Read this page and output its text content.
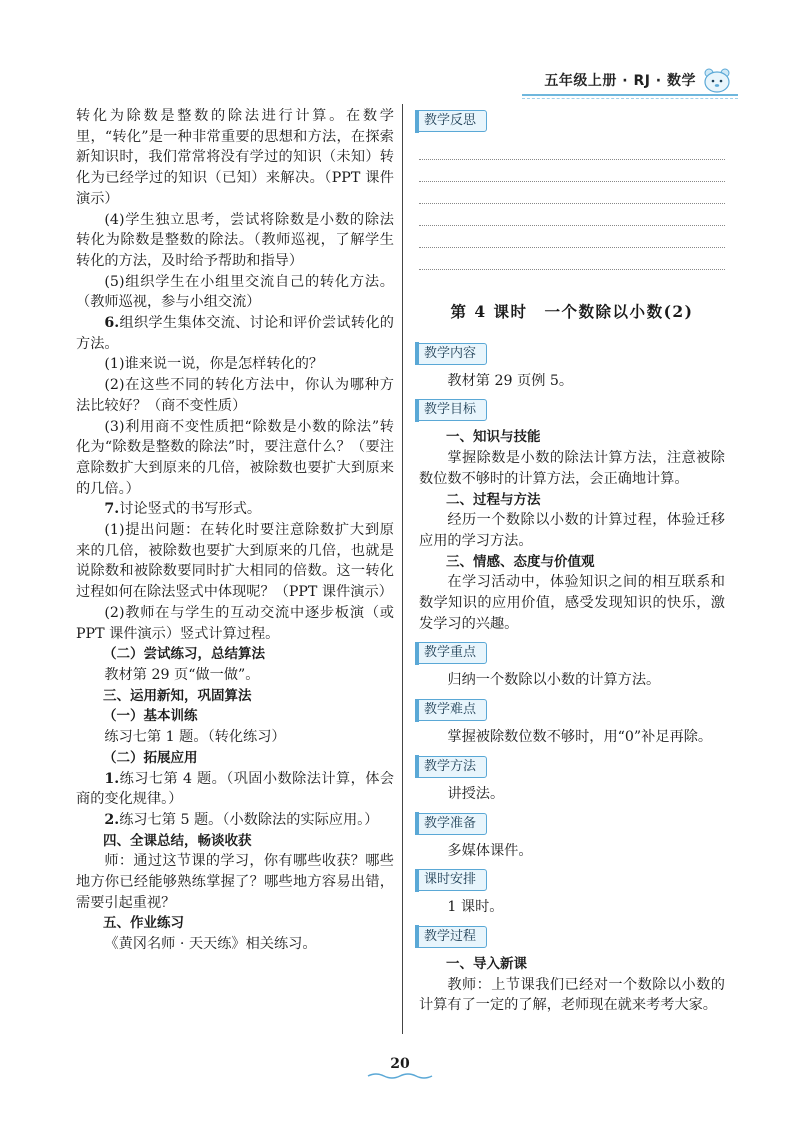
五年级上册 · RJ · 数学

转化为除数是整数的除法进行计算。在数学里，“转化”是一种非常重要的思想和方法，在探索新知识时，我们常常将没有学过的知识（未知）转化为已经学过的知识（已知）来解决。（PPT 课件演示）

(4)学生独立思考，尝试将除数是小数的除法转化为除数是整数的除法。（教师巡视，了解学生转化的方法，及时给予帮助和指导）

(5)组织学生在小组里交流自己的转化方法。（教师巡视，参与小组交流）

6.组织学生集体交流、讨论和评价尝试转化的方法。

(1)谁来说一说，你是怎样转化的？

(2)在这些不同的转化方法中，你认为哪种方法比较好？（商不变性质）

(3)利用商不变性质把“除数是小数的除法”转化为“除数是整数的除法”时，要注意什么？（要注意除数扩大到原来的几倍，被除数也要扩大到原来的几倍。）

7.讨论竖式的书写形式。

(1)提出问题：在转化时要注意除数扩大到原来的几倍，被除数也要扩大到原来的几倍，也就是说除数和被除数要同时扩大相同的倍数。这一转化过程如何在除法竖式中体现呢？（PPT 课件演示）

(2)教师在与学生的互动交流中逐步板演（或 PPT 课件演示）竖式计算过程。

（二）尝试练习，总结算法

教材第 29 页“做一做”。

三、运用新知，巩固算法

（一）基本训练

练习七第 1 题。（转化练习）

（二）拓展应用

1.练习七第 4 题。（巩固小数除法计算，体会商的变化规律。）

2.练习七第 5 题。（小数除法的实际应用。）

四、全课总结，畅谈收获

师：通过这节课的学习，你有哪些收获？哪些地方你已经能够熟练掌握了？哪些地方容易出错，需要引起重视？

五、作业练习

《黄冈名师 · 天天练》相关练习。

教学反思
第 4 课时　一个数除以小数(2)
教学内容

教材第 29 页例 5。

教学目标

一、知识与技能

掌握除数是小数的除法计算方法，注意被除数位数不够时的计算方法，会正确地计算。

二、过程与方法

经历一个数除以小数的计算过程，体验迁移应用的学习方法。

三、情感、态度与价值观

在学习活动中，体验知识之间的相互联系和数学知识的应用价值，感受发现知识的快乐，激发学习的兴趣。

教学重点

归纳一个数除以小数的计算方法。

教学难点

掌握被除数位数不够时，用“0”补足再除。

教学方法

讲授法。

教学准备

多媒体课件。

课时安排

1 课时。

教学过程

一、导入新课

教师：上节课我们已经对一个数除以小数的计算有了一定的了解，老师现在就来考考大家。

20
